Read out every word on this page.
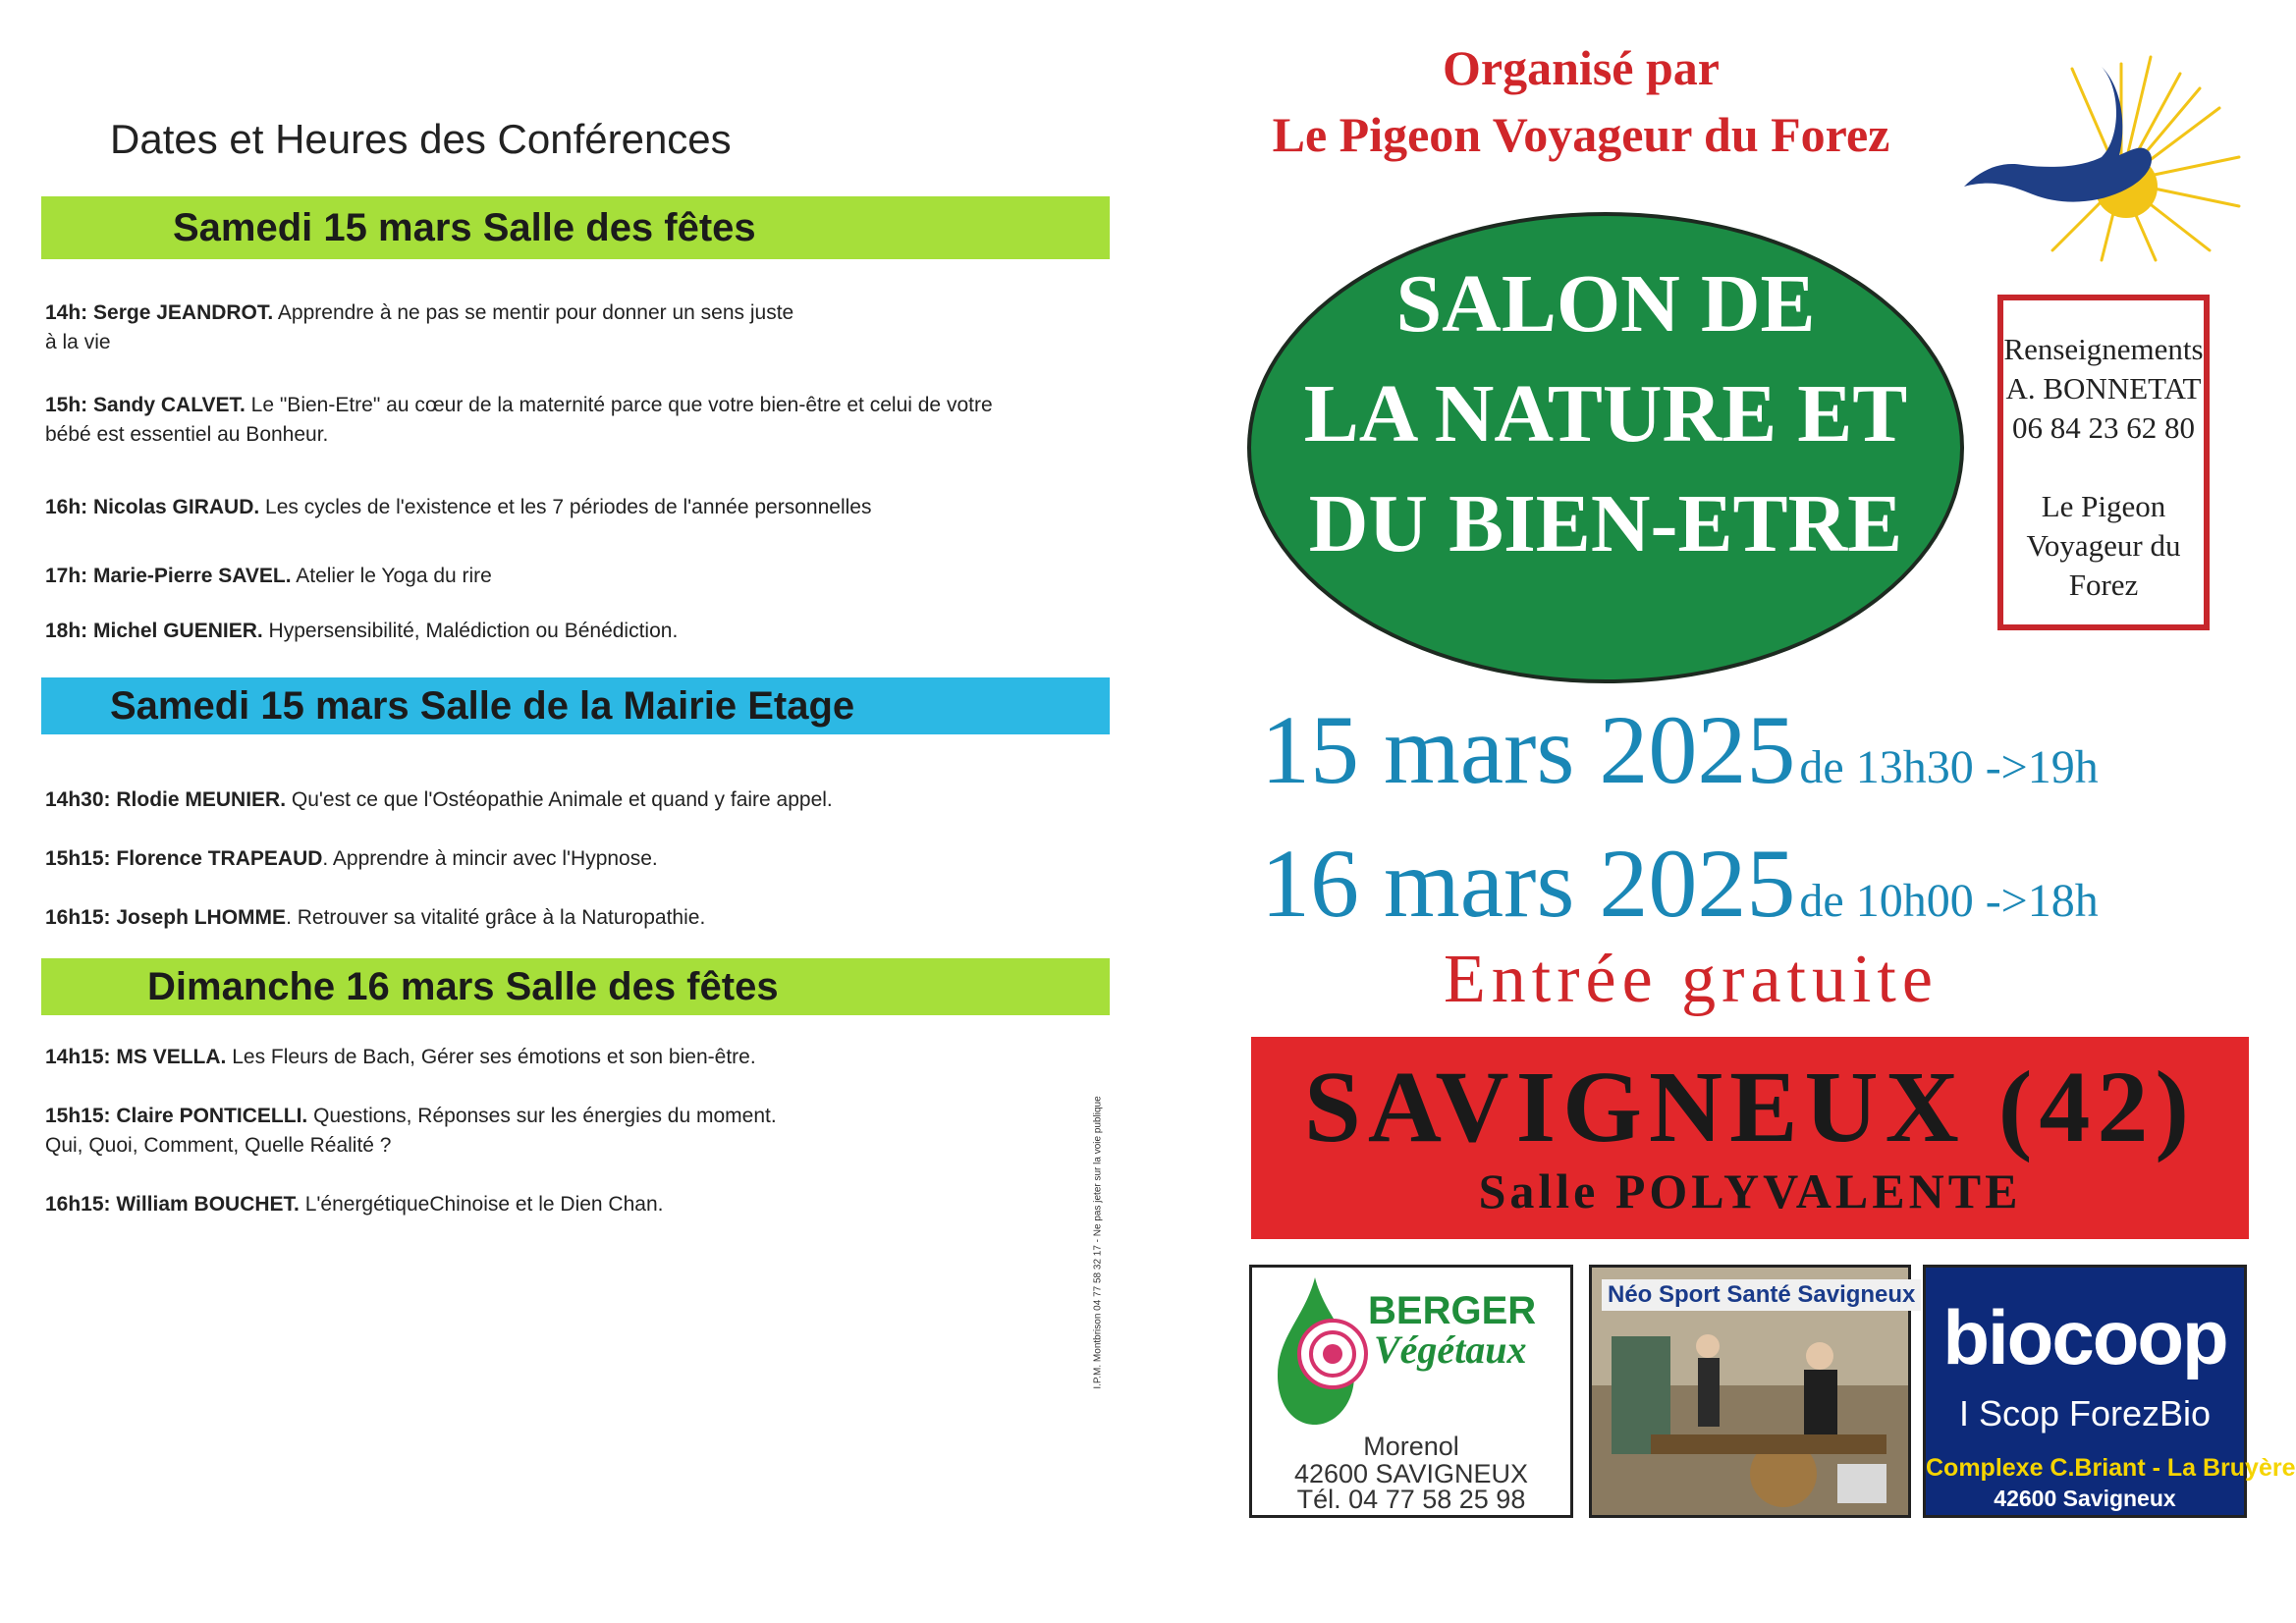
Dates et Heures des Conférences
Samedi 15 mars Salle des fêtes
14h: Serge JEANDROT. Apprendre à ne pas se mentir pour donner un sens juste
à la vie
15h: Sandy CALVET. Le "Bien-Etre" au cœur de la maternité parce que votre bien-être et celui de votre
bébé est essentiel au Bonheur.
16h: Nicolas GIRAUD. Les cycles de l'existence et les 7 périodes de l'année personnelles
17h: Marie-Pierre SAVEL. Atelier le Yoga du rire
18h: Michel GUENIER. Hypersensibilité, Malédiction ou Bénédiction.
Samedi 15 mars Salle de la Mairie Etage
14h30: Rlodie MEUNIER. Qu'est ce que l'Ostéopathie Animale et quand y faire appel.
15h15: Florence TRAPEAUD. Apprendre à mincir avec l'Hypnose.
16h15: Joseph LHOMME. Retrouver sa vitalité grâce à la Naturopathie.
Dimanche 16 mars Salle des fêtes
14h15: MS VELLA. Les Fleurs de Bach, Gérer ses émotions et son bien-être.
15h15: Claire PONTICELLI. Questions, Réponses sur les énergies du moment.
Qui, Quoi, Comment, Quelle Réalité ?
16h15: William BOUCHET. L'énergétiqueChinoise et le Dien Chan.	I.P.M. Montbrison 04 77 58 32 17 - Ne pas jeter sur la voie publique
Organisé par
Le Pigeon Voyageur du Forez
SALON DE
LA NATURE ET
DU BIEN-ETRE
Renseignements
A. BONNETAT
06 84 23 62 80
Le Pigeon
Voyageur du
Forez
15 mars 2025 de 13h30 ->19h
16 mars 2025 de 10h00 ->18h
Entrée gratuite
SAVIGNEUX (42)
Salle POLYVALENTE
BERGER
Végétaux
Morenol
42600 SAVIGNEUX
Tél. 04 77 58 25 98
Néo Sport Santé Savigneux biocoop
I Scop ForezBio
Complexe C.Briant - La Bruyère
42600 Savigneux
